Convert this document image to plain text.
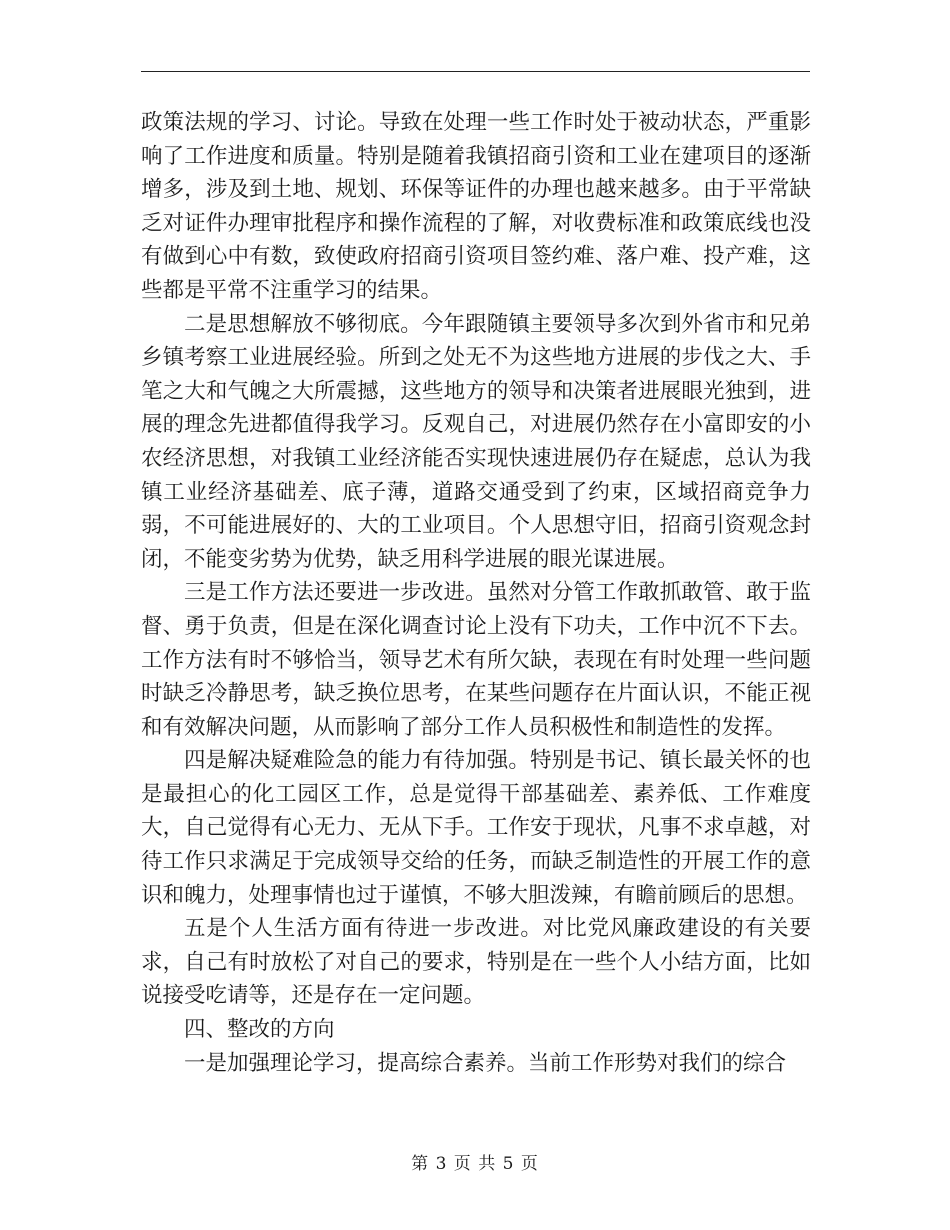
政策法规的学习、讨论。导致在处理一些工作时处于被动状态，严重影响了工作进度和质量。特别是随着我镇招商引资和工业在建项目的逐渐增多，涉及到土地、规划、环保等证件的办理也越来越多。由于平常缺乏对证件办理审批程序和操作流程的了解，对收费标准和政策底线也没有做到心中有数，致使政府招商引资项目签约难、落户难、投产难，这些都是平常不注重学习的结果。

二是思想解放不够彻底。今年跟随镇主要领导多次到外省市和兄弟乡镇考察工业进展经验。所到之处无不为这些地方进展的步伐之大、手笔之大和气魄之大所震撼，这些地方的领导和决策者进展眼光独到，进展的理念先进都值得我学习。反观自己，对进展仍然存在小富即安的小农经济思想，对我镇工业经济能否实现快速进展仍存在疑虑，总认为我镇工业经济基础差、底子薄，道路交通受到了约束，区域招商竞争力弱，不可能进展好的、大的工业项目。个人思想守旧，招商引资观念封闭，不能变劣势为优势，缺乏用科学进展的眼光谋进展。

三是工作方法还要进一步改进。虽然对分管工作敢抓敢管、敢于监督、勇于负责，但是在深化调查讨论上没有下功夫，工作中沉不下去。工作方法有时不够恰当，领导艺术有所欠缺，表现在有时处理一些问题时缺乏冷静思考，缺乏换位思考，在某些问题存在片面认识，不能正视和有效解决问题，从而影响了部分工作人员积极性和制造性的发挥。

四是解决疑难险急的能力有待加强。特别是书记、镇长最关怀的也是最担心的化工园区工作，总是觉得干部基础差、素养低、工作难度大，自己觉得有心无力、无从下手。工作安于现状，凡事不求卓越，对待工作只求满足于完成领导交给的任务，而缺乏制造性的开展工作的意识和魄力，处理事情也过于谨慎，不够大胆泼辣，有瞻前顾后的思想。

五是个人生活方面有待进一步改进。对比党风廉政建设的有关要求，自己有时放松了对自己的要求，特别是在一些个人小结方面，比如说接受吃请等，还是存在一定问题。

四、整改的方向

一是加强理论学习，提高综合素养。当前工作形势对我们的综合

第 3 页 共 5 页
